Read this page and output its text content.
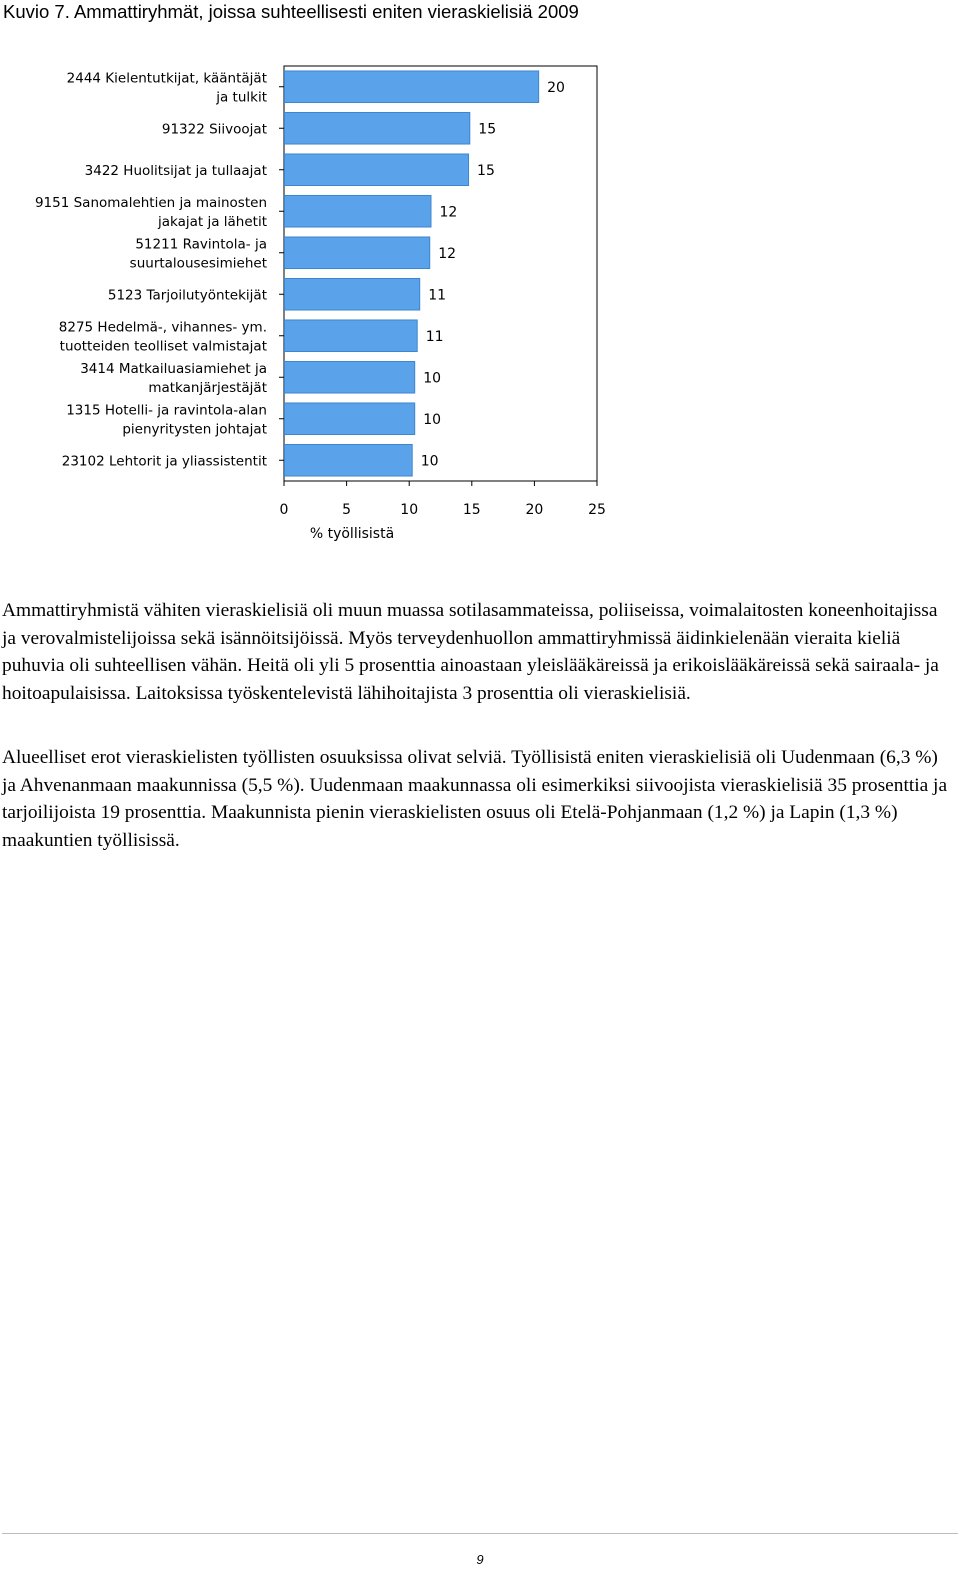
Kuvio 7. Ammattiryhmät, joissa suhteellisesti eniten vieraskielisiä 2009
2444 Kielentutkijat, kääntäjät ja tulkit
91322 Siivoojat
3422 Huolitsijat ja tullaajat
9151 Sanomalehtien ja mainosten jakajat ja lähetit
51211 Ravintola- ja suurtalousesimiehet
5123 Tarjoilutyöntekijät
8275 Hedelmä-, vihannes- ym. tuotteiden teolliset valmistajat
3414 Matkailuasiamiehet ja matkanjärjestäjät
1315 Hotelli- ja ravintola-alan pienyritysten johtajat
23102 Lehtorit ja yliassistentit
20
15
15
12
12
11
11
10
10
10
0	5	10	15	20	25
% työllisistä

Ammattiryhmistä vähiten vieraskielisiä oli muun muassa sotilasammateissa, poliiseissa, voimalaitosten koneenhoitajissa ja verovalmistelijoissa sekä isännöitsijöissä. Myös terveydenhuollon ammattiryhmissä äidinkielenään vieraita kieliä puhuvia oli suhteellisen vähän. Heitä oli yli 5 prosenttia ainoastaan yleislääkäreissä ja erikoislääkäreissä sekä sairaala- ja hoitoapulaisissa. Laitoksissa työskentelevistä lähihoitajista 3 prosenttia oli vieraskielisiä.

Alueelliset erot vieraskielisten työllisten osuuksissa olivat selviä. Työllisistä eniten vieraskielisiä oli Uudenmaan (6,3 %) ja Ahvenanmaan maakunnissa (5,5 %). Uudenmaan maakunnassa oli esimerkiksi siivoojista vieraskielisiä 35 prosenttia ja tarjoilijoista 19 prosenttia. Maakunnista pienin vieraskielisten osuus oli Etelä-Pohjanmaan (1,2 %) ja Lapin (1,3 %) maakuntien työllisissä.

9
